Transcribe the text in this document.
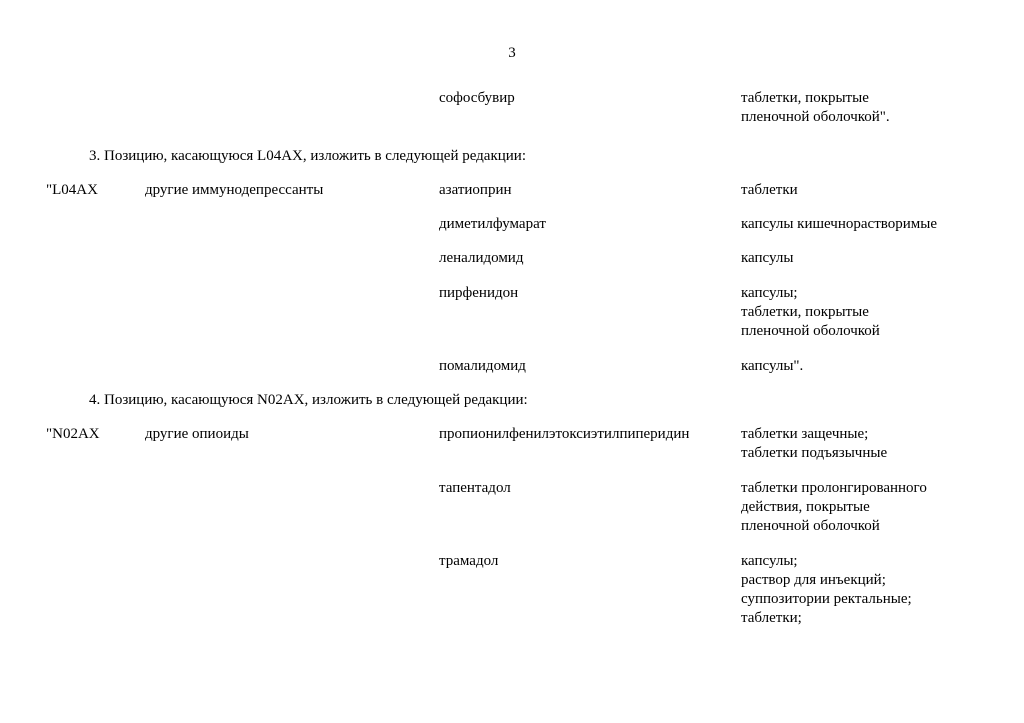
3
софосбувир	таблетки, покрытые
пленочной оболочкой".
3. Позицию, касающуюся L04AX, изложить в следующей редакции:
"L04AX	другие иммунодепрессанты	азатиоприн	таблетки
диметилфумарат	капсулы кишечнорастворимые
леналидомид	капсулы
пирфенидон	капсулы;
таблетки, покрытые
пленочной оболочкой
помалидомид	капсулы".
4. Позицию, касающуюся N02AX, изложить в следующей редакции:
"N02AX	другие опиоиды	пропионилфенилэтоксиэтилпиперидин	таблетки защечные;
таблетки подъязычные
тапентадол	таблетки пролонгированного
действия, покрытые
пленочной оболочкой
трамадол	капсулы;
раствор для инъекций;
суппозитории ректальные;
таблетки;
